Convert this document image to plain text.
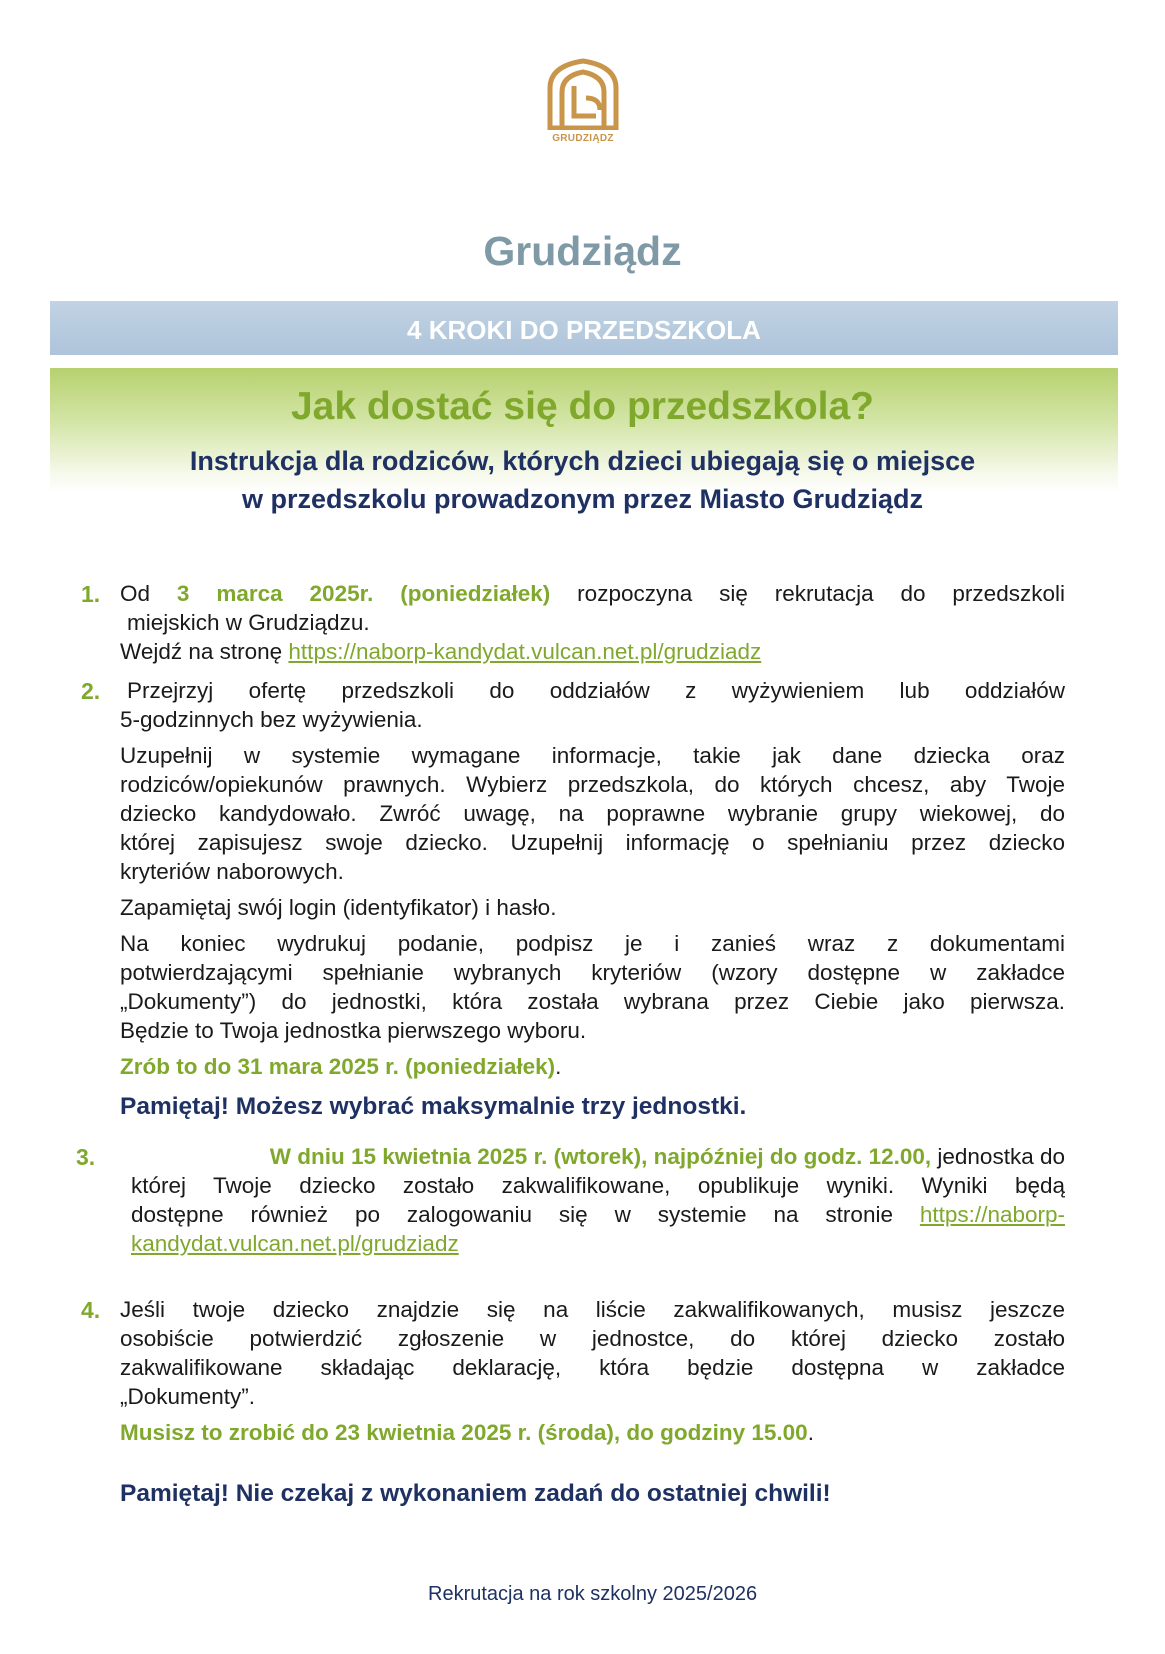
GRUDZIĄDZ
Grudziądz
4 KROKI DO PRZEDSZKOLA
Jak dostać się do przedszkola?
Instrukcja dla rodziców, których dzieci ubiegają się o miejsce
w przedszkolu prowadzonym przez Miasto Grudziądz
1. Od 3 marca 2025r. (poniedziałek) rozpoczyna się rekrutacja do przedszkoli
miejskich w Grudziądzu.
Wejdź na stronę https://naborp-kandydat.vulcan.net.pl/grudziadz
2. Przejrzyj ofertę przedszkoli do oddziałów z wyżywieniem lub oddziałów
5-godzinnych bez wyżywienia.
Uzupełnij w systemie wymagane informacje, takie jak dane dziecka oraz
rodziców/opiekunów prawnych. Wybierz przedszkola, do których chcesz, aby Twoje
dziecko kandydowało. Zwróć uwagę, na poprawne wybranie grupy wiekowej, do
której zapisujesz swoje dziecko. Uzupełnij informację o spełnianiu przez dziecko
kryteriów naborowych.
Zapamiętaj swój login (identyfikator) i hasło.
Na koniec wydrukuj podanie, podpisz je i zanieś wraz z dokumentami
potwierdzającymi spełnianie wybranych kryteriów (wzory dostępne w zakładce
„Dokumenty”) do jednostki, która została wybrana przez Ciebie jako pierwsza.
Będzie to Twoja jednostka pierwszego wyboru.
Zrób to do 31 mara 2025 r. (poniedziałek).
Pamiętaj! Możesz wybrać maksymalnie trzy jednostki.
3.	W dniu 15 kwietnia 2025 r. (wtorek), najpóźniej do godz. 12.00, jednostka do
której Twoje dziecko zostało zakwalifikowane, opublikuje wyniki. Wyniki będą
dostępne również po zalogowaniu się w systemie na stronie https://naborp-
kandydat.vulcan.net.pl/grudziadz
4. Jeśli twoje dziecko znajdzie się na liście zakwalifikowanych, musisz jeszcze
osobiście potwierdzić zgłoszenie w jednostce, do której dziecko zostało
zakwalifikowane składając deklarację, która będzie dostępna w zakładce
„Dokumenty”.
Musisz to zrobić do 23 kwietnia 2025 r. (środa), do godziny 15.00.
Pamiętaj! Nie czekaj z wykonaniem zadań do ostatniej chwili!
Rekrutacja na rok szkolny 2025/2026
